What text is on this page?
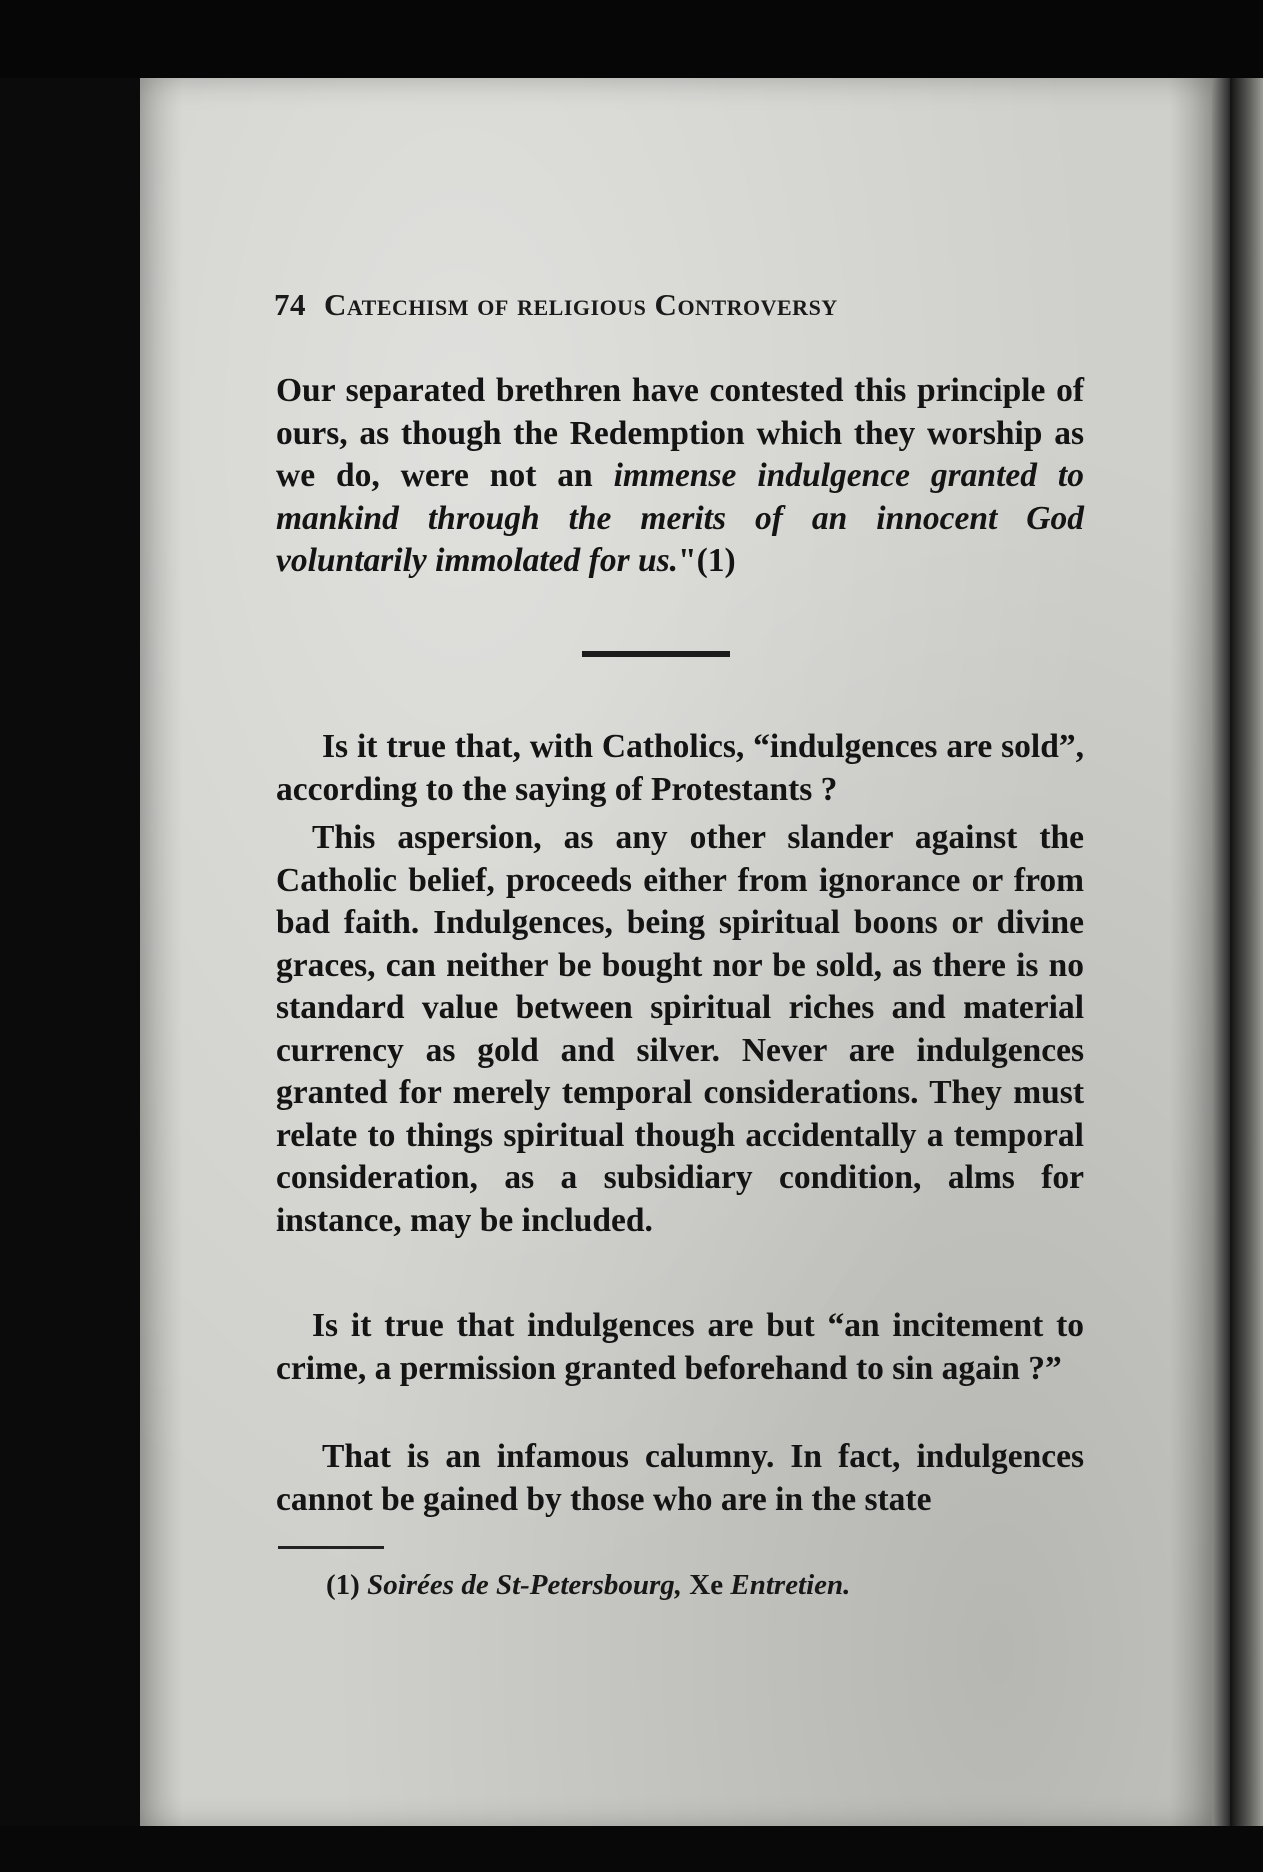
74 Catechism of religious Controversy

Our separated brethren have contested this principle of ours, as though the Redemption which they worship as we do, were not an immense indulgence granted to mankind through the merits of an innocent God voluntarily immolated for us."(1)

Is it true that, with Catholics, “indulgences are sold”, according to the saying of Protestants ?

This aspersion, as any other slander against the Catholic belief, proceeds either from ignorance or from bad faith. Indulgences, being spiritual boons or divine graces, can neither be bought nor be sold, as there is no standard value between spiritual riches and material currency as gold and silver. Never are indulgences granted for merely temporal considerations. They must relate to things spiritual though accidentally a temporal consideration, as a subsidiary condition, alms for instance, may be included.

Is it true that indulgences are but “an incitement to crime, a permission granted beforehand to sin again ?”

That is an infamous calumny. In fact, indulgences cannot be gained by those who are in the state

(1) Soirées de St-Petersbourg, Xe Entretien.
